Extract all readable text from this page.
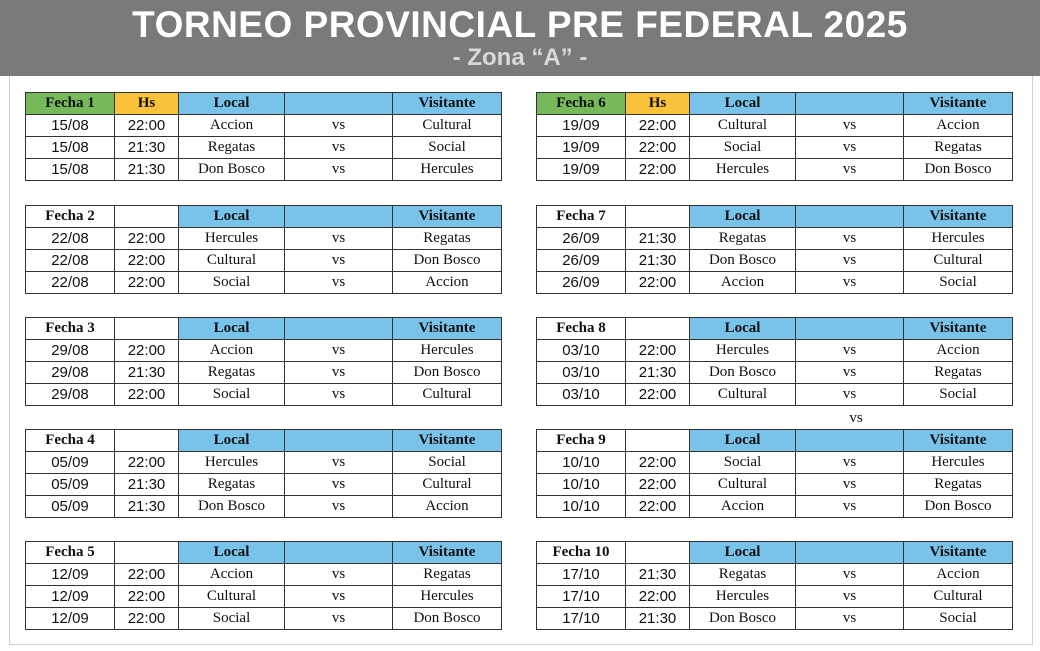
TORNEO PROVINCIAL PRE FEDERAL 2025
- Zona “A” -
Fecha 1	Hs	Local		Visitante
15/08	22:00	Accion	vs	Cultural
15/08	21:30	Regatas	vs	Social
15/08	21:30	Don Bosco	vs	Hercules
Fecha 2		Local		Visitante
22/08	22:00	Hercules	vs	Regatas
22/08	22:00	Cultural	vs	Don Bosco
22/08	22:00	Social	vs	Accion
Fecha 3		Local		Visitante
29/08	22:00	Accion	vs	Hercules
29/08	21:30	Regatas	vs	Don Bosco
29/08	22:00	Social	vs	Cultural
Fecha 4		Local		Visitante
05/09	22:00	Hercules	vs	Social
05/09	21:30	Regatas	vs	Cultural
05/09	21:30	Don Bosco	vs	Accion
Fecha 5		Local		Visitante
12/09	22:00	Accion	vs	Regatas
12/09	22:00	Cultural	vs	Hercules
12/09	22:00	Social	vs	Don Bosco
Fecha 6	Hs	Local		Visitante
19/09	22:00	Cultural	vs	Accion
19/09	22:00	Social	vs	Regatas
19/09	22:00	Hercules	vs	Don Bosco
Fecha 7		Local		Visitante
26/09	21:30	Regatas	vs	Hercules
26/09	21:30	Don Bosco	vs	Cultural
26/09	22:00	Accion	vs	Social
Fecha 8		Local		Visitante
03/10	22:00	Hercules	vs	Accion
03/10	21:30	Don Bosco	vs	Regatas
03/10	22:00	Cultural	vs	Social
Fecha 9		Local		Visitante
10/10	22:00	Social	vs	Hercules
10/10	22:00	Cultural	vs	Regatas
10/10	22:00	Accion	vs	Don Bosco
Fecha 10		Local		Visitante
17/10	21:30	Regatas	vs	Accion
17/10	22:00	Hercules	vs	Cultural
17/10	21:30	Don Bosco	vs	Social
vs
